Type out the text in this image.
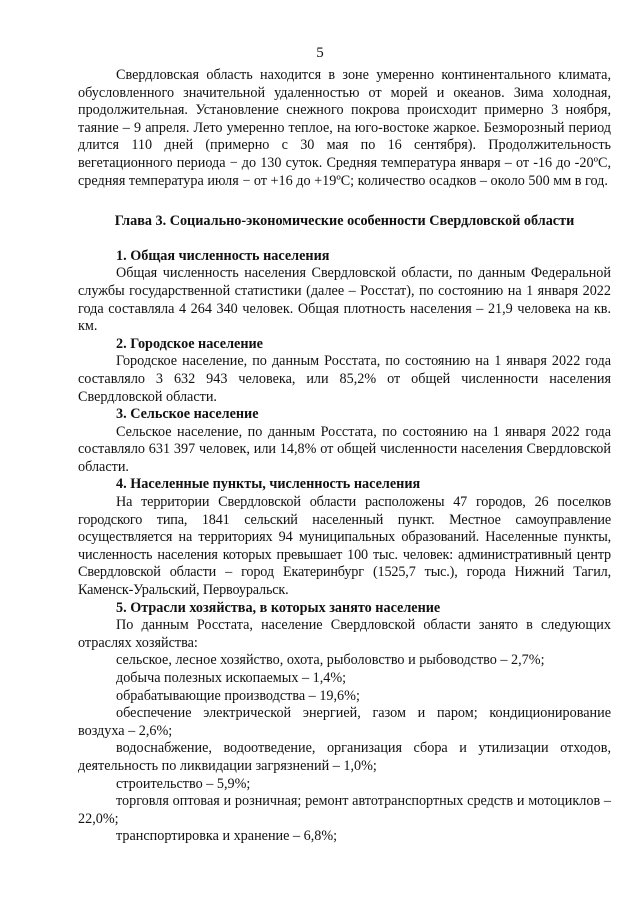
5

Свердловская область находится в зоне умеренно континентального климата, обусловленного значительной удаленностью от морей и океанов. Зима холодная, продолжительная. Установление снежного покрова происходит примерно 3 ноября, таяние – 9 апреля. Лето умеренно теплое, на юго-востоке жаркое. Безморозный период длится 110 дней (примерно с 30 мая по 16 сентября). Продолжительность вегетационного периода − до 130 суток. Средняя температура января – от -16 до -20ºС, средняя температура июля − от +16 до +19ºС; количество осадков – около 500 мм в год.

Глава 3. Социально-экономические особенности Свердловской области

1. Общая численность населения

Общая численность населения Свердловской области, по данным Федеральной службы государственной статистики (далее – Росстат), по состоянию на 1 января 2022 года составляла 4 264 340 человек. Общая плотность населения – 21,9 человека на кв. км.

2. Городское население

Городское население, по данным Росстата, по состоянию на 1 января 2022 года составляло 3 632 943 человека, или 85,2% от общей численности населения Свердловской области.

3. Сельское население

Сельское население, по данным Росстата, по состоянию на 1 января 2022 года составляло 631 397 человек, или 14,8% от общей численности населения Свердловской области.

4. Населенные пункты, численность населения

На территории Свердловской области расположены 47 городов, 26 поселков городского типа, 1841 сельский населенный пункт. Местное самоуправление осуществляется на территориях 94 муниципальных образований. Населенные пункты, численность населения которых превышает 100 тыс. человек: административный центр Свердловской области – город Екатеринбург (1525,7 тыс.), города Нижний Тагил, Каменск-Уральский, Первоуральск.

5. Отрасли хозяйства, в которых занято население

По данным Росстата, население Свердловской области занято в следующих отраслях хозяйства:

сельское, лесное хозяйство, охота, рыболовство и рыбоводство – 2,7%;

добыча полезных ископаемых – 1,4%;

обрабатывающие производства – 19,6%;

обеспечение электрической энергией, газом и паром; кондиционирование воздуха – 2,6%;

водоснабжение, водоотведение, организация сбора и утилизации отходов, деятельность по ликвидации загрязнений – 1,0%;

строительство – 5,9%;

торговля оптовая и розничная; ремонт автотранспортных средств и мотоциклов – 22,0%;

транспортировка и хранение – 6,8%;
